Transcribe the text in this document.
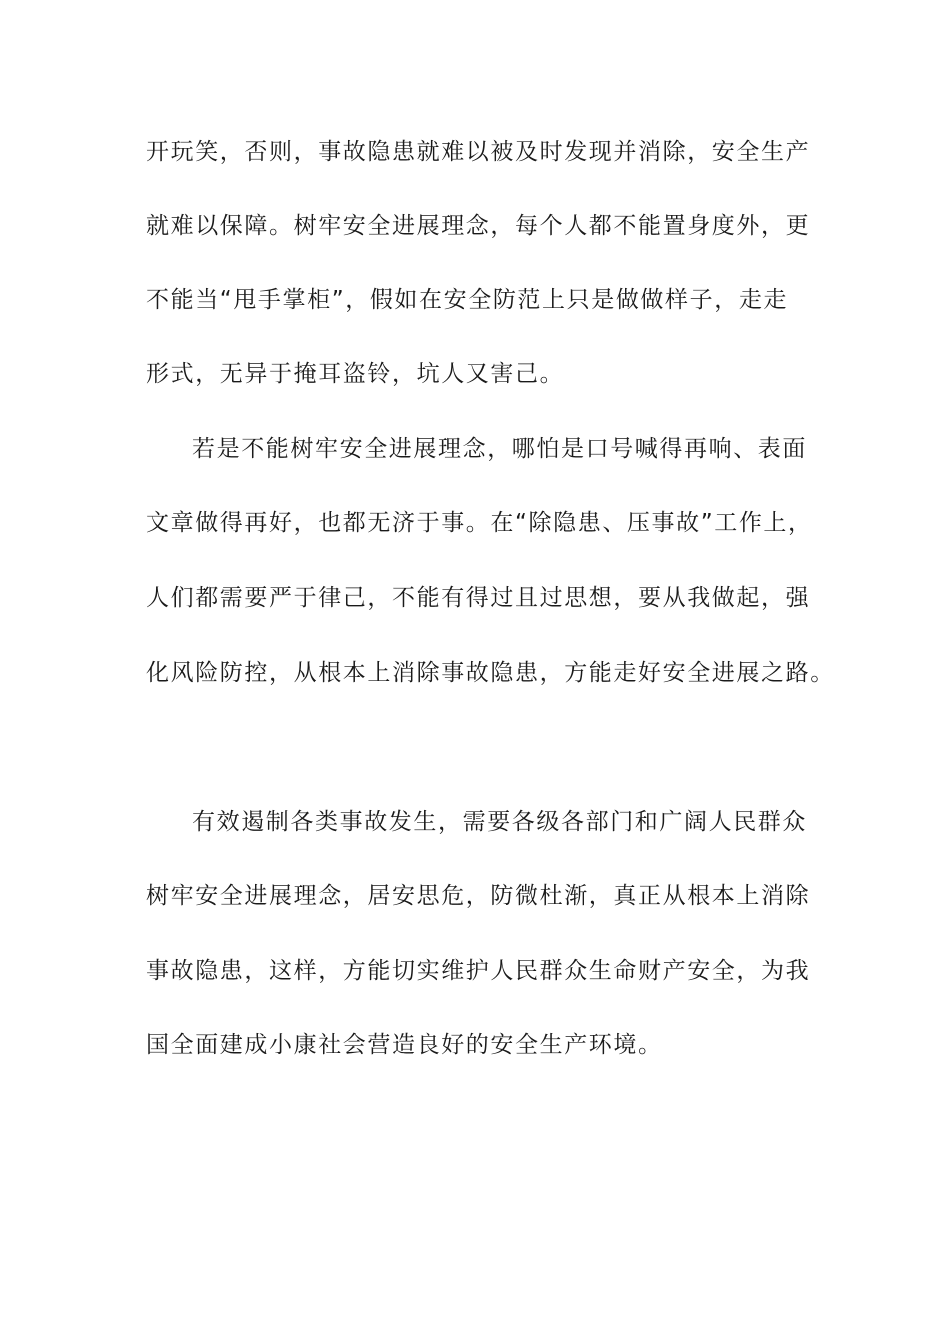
开玩笑，否则，事故隐患就难以被及时发现并消除，安全生产
就难以保障。树牢安全进展理念，每个人都不能置身度外，更
不能当“甩手掌柜”，假如在安全防范上只是做做样子，走走
形式，无异于掩耳盗铃，坑人又害己。
若是不能树牢安全进展理念，哪怕是口号喊得再响、表面
文章做得再好，也都无济于事。在“除隐患、压事故”工作上，
人们都需要严于律己，不能有得过且过思想，要从我做起，强
化风险防控，从根本上消除事故隐患，方能走好安全进展之路。
有效遏制各类事故发生，需要各级各部门和广阔人民群众
树牢安全进展理念，居安思危，防微杜渐，真正从根本上消除
事故隐患，这样，方能切实维护人民群众生命财产安全，为我
国全面建成小康社会营造良好的安全生产环境。
